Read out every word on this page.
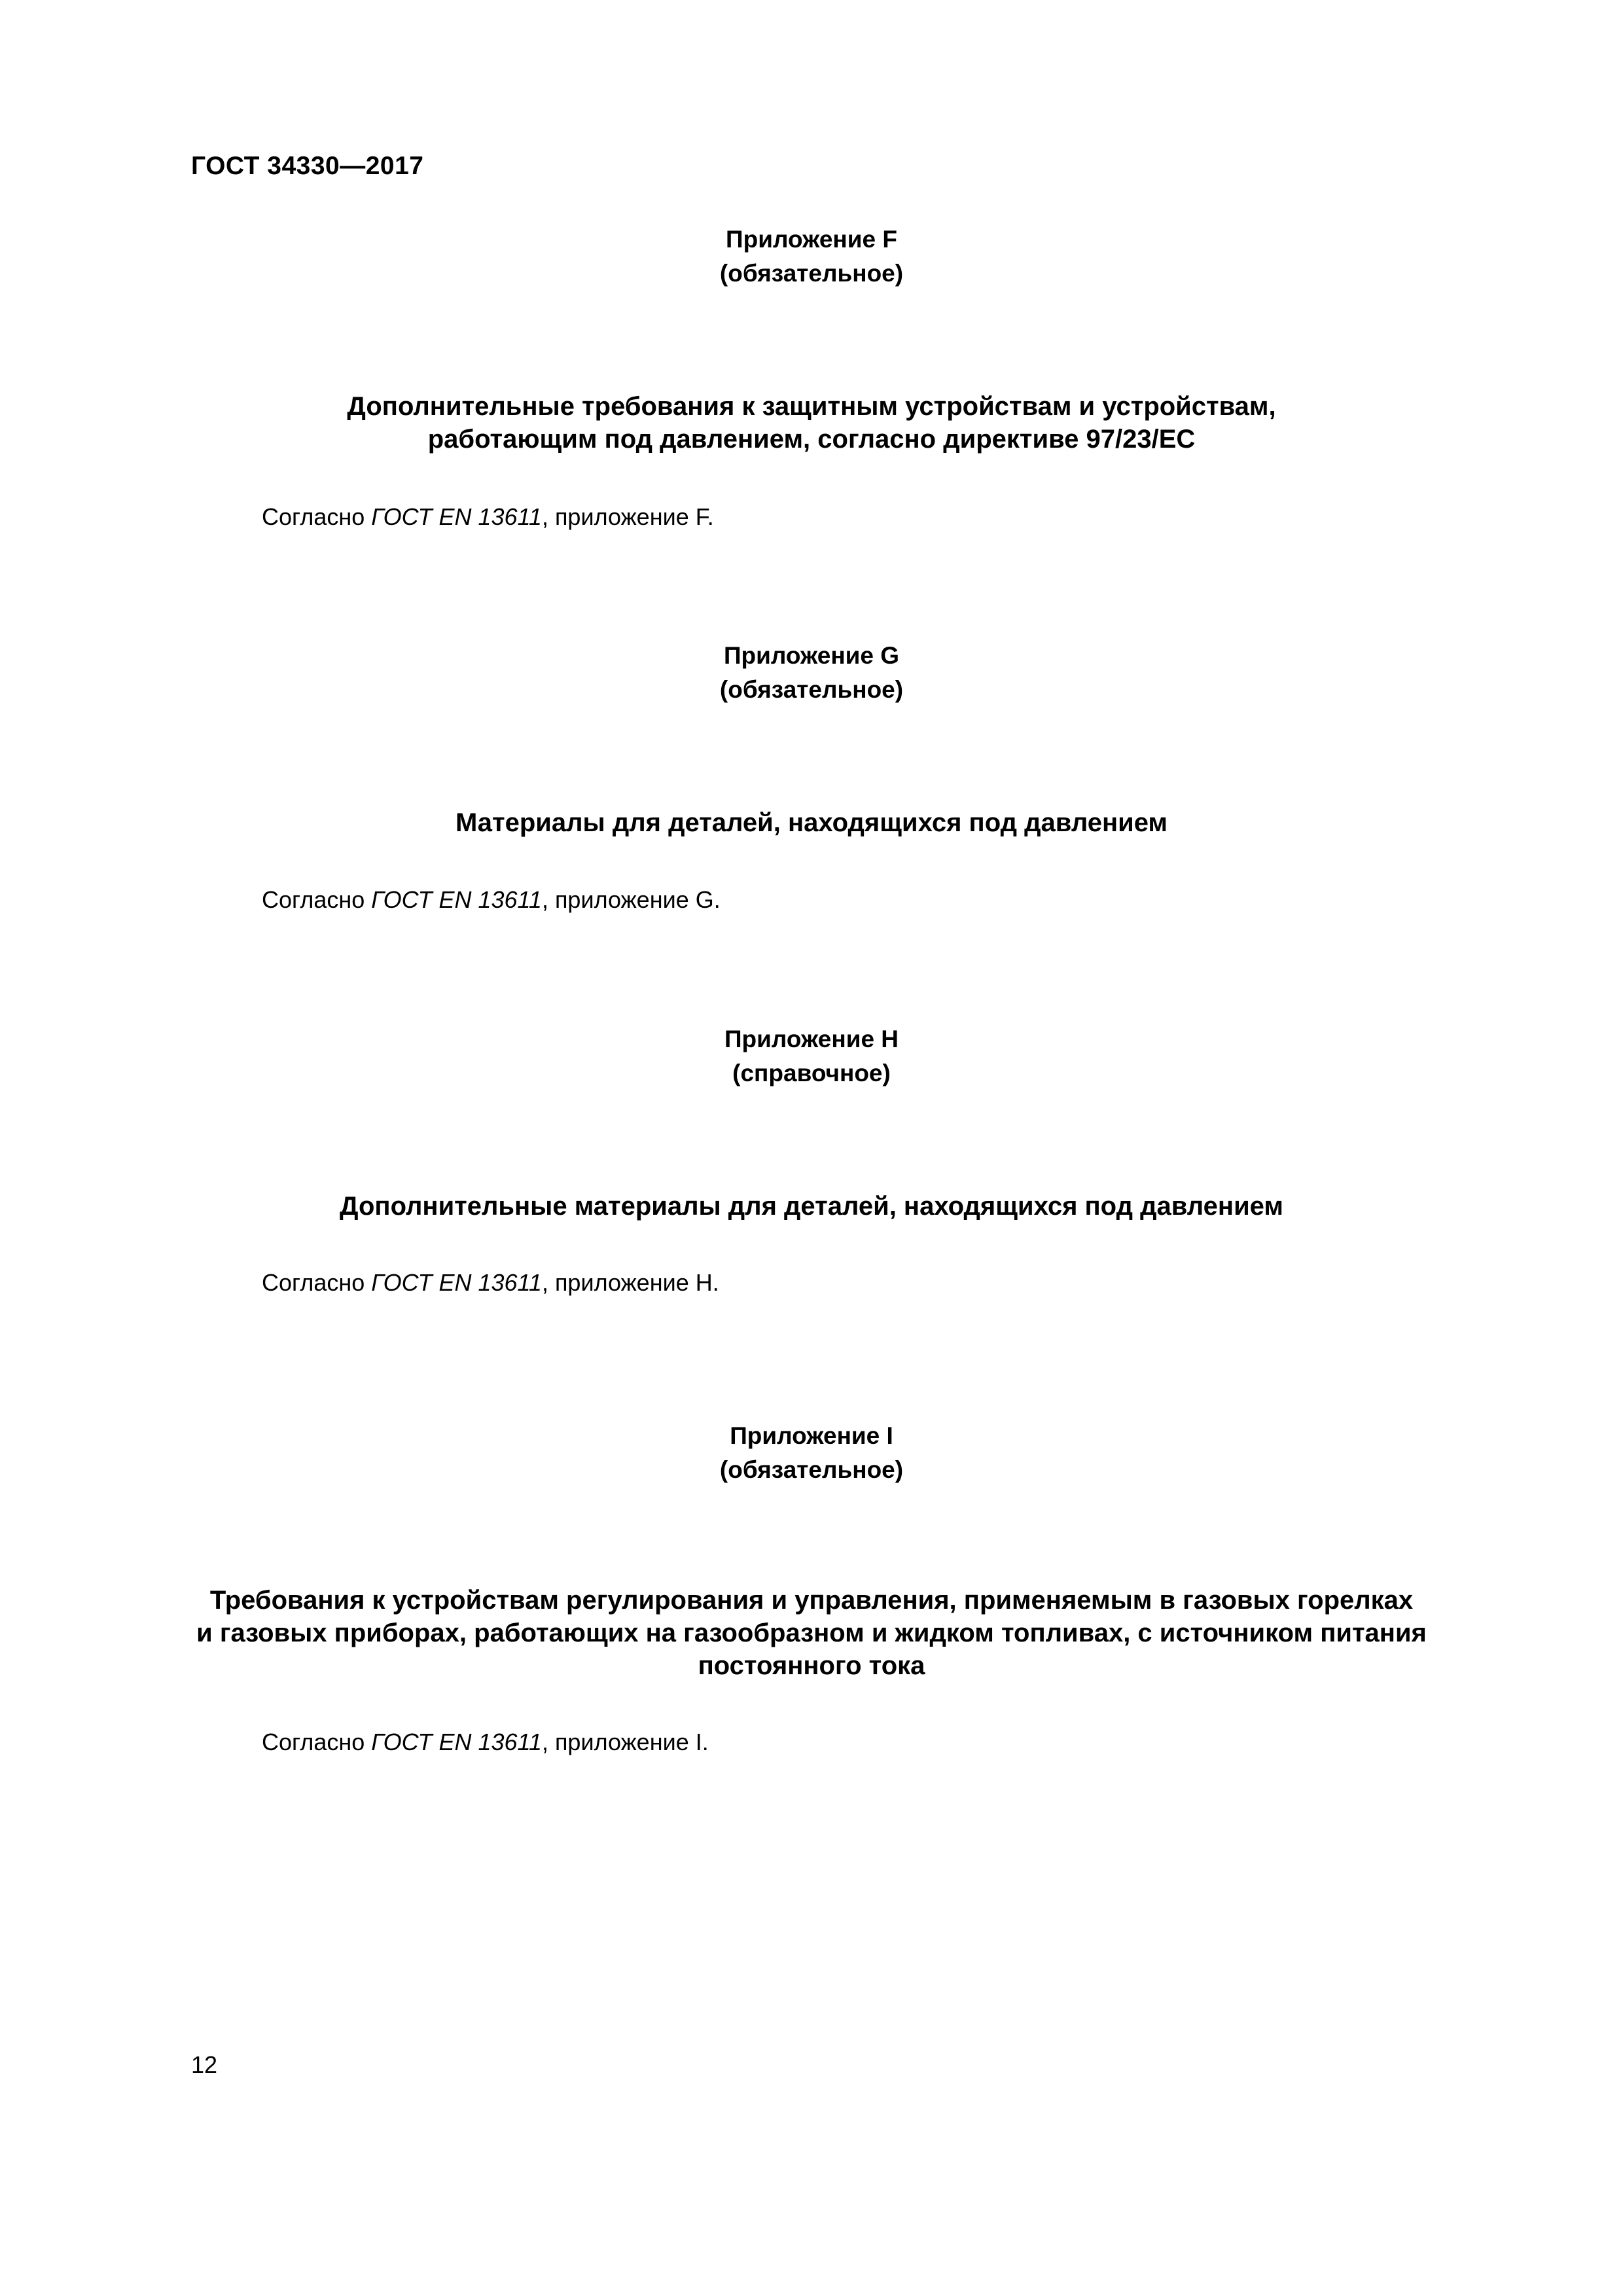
ГОСТ 34330—2017
Приложение F
(обязательное)
Дополнительные требования к защитным устройствам и устройствам,
работающим под давлением, согласно директиве 97/23/ЕС
Согласно ГОСТ EN 13611, приложение F.
Приложение G
(обязательное)
Материалы для деталей, находящихся под давлением
Согласно ГОСТ EN 13611, приложение G.
Приложение Н
(справочное)
Дополнительные материалы для деталей, находящихся под давлением
Согласно ГОСТ EN 13611, приложение Н.
Приложение I
(обязательное)
Требования к устройствам регулирования и управления, применяемым в газовых горелках
и газовых приборах, работающих на газообразном и жидком топливах, с источником питания
постоянного тока
Согласно ГОСТ EN 13611, приложение I.
12
